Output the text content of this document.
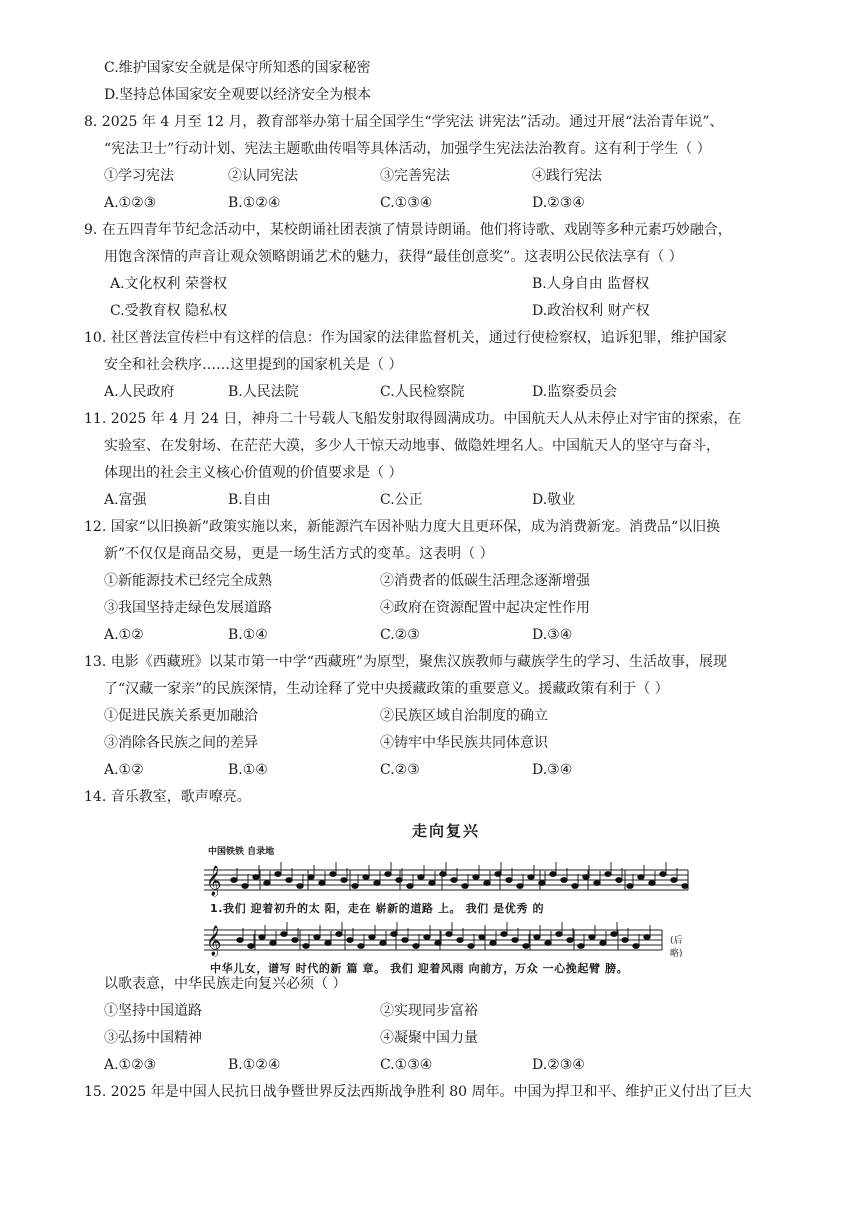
C.维护国家安全就是保守所知悉的国家秘密
D.坚持总体国家安全观要以经济安全为根本
8. 2025 年 4 月至 12 月，教育部举办第十届全国学生“学宪法 讲宪法”活动。通过开展“法治青年说”、
“宪法卫士”行动计划、宪法主题歌曲传唱等具体活动，加强学生宪法法治教育。这有利于学生（ ）
①学习宪法	②认同宪法	③完善宪法	④践行宪法
A.①②③	B.①②④	C.①③④	D.②③④
9. 在五四青年节纪念活动中，某校朗诵社团表演了情景诗朗诵。他们将诗歌、戏剧等多种元素巧妙融合，
用饱含深情的声音让观众领略朗诵艺术的魅力，获得“最佳创意奖”。这表明公民依法享有（ ）
A.文化权利 荣誉权	B.人身自由 监督权
C.受教育权 隐私权	D.政治权利 财产权
10. 社区普法宣传栏中有这样的信息：作为国家的法律监督机关，通过行使检察权，追诉犯罪，维护国家
安全和社会秩序……这里提到的国家机关是（ ）
A.人民政府	B.人民法院	C.人民检察院	D.监察委员会
11. 2025 年 4 月 24 日，神舟二十号载人飞船发射取得圆满成功。中国航天人从未停止对宇宙的探索，在
实验室、在发射场、在茫茫大漠，多少人干惊天动地事、做隐姓埋名人。中国航天人的坚守与奋斗，
体现出的社会主义核心价值观的价值要求是（ ）
A.富强	B.自由	C.公正	D.敬业
12. 国家“以旧换新”政策实施以来，新能源汽车因补贴力度大且更环保，成为消费新宠。消费品“以旧换
新”不仅仅是商品交易，更是一场生活方式的变革。这表明（ ）
①新能源技术已经完全成熟	②消费者的低碳生活理念逐渐增强
③我国坚持走绿色发展道路	④政府在资源配置中起决定性作用
A.①②	B.①④	C.②③	D.③④
13. 电影《西藏班》以某市第一中学“西藏班”为原型，聚焦汉族教师与藏族学生的学习、生活故事，展现
了“汉藏一家亲”的民族深情，生动诠释了党中央援藏政策的重要意义。援藏政策有利于（ ）
①促进民族关系更加融洽	②民族区域自治制度的确立
③消除各民族之间的差异	④铸牢中华民族共同体意识
A.①②	B.①④	C.②③	D.③④
14. 音乐教室，歌声嘹亮。
以歌表意，中华民族走向复兴必须（ ）
①坚持中国道路	②实现同步富裕
③弘扬中国精神	④凝聚中国力量
A.①②③	B.①②④	C.①③④	D.②③④
15. 2025 年是中国人民抗日战争暨世界反法西斯战争胜利 80 周年。中国为捍卫和平、维护正义付出了巨大
走向复兴
中国铁铁 自录地
𝄞
𝄞
1.我们 迎着初升的太 阳，走在 崭新的道路 上。 我们 是优秀 的
中华儿女，谱写 时代的新 篇 章。 我们 迎着风雨 向前方，万众 一心挽起臂 膀。
(后略)
